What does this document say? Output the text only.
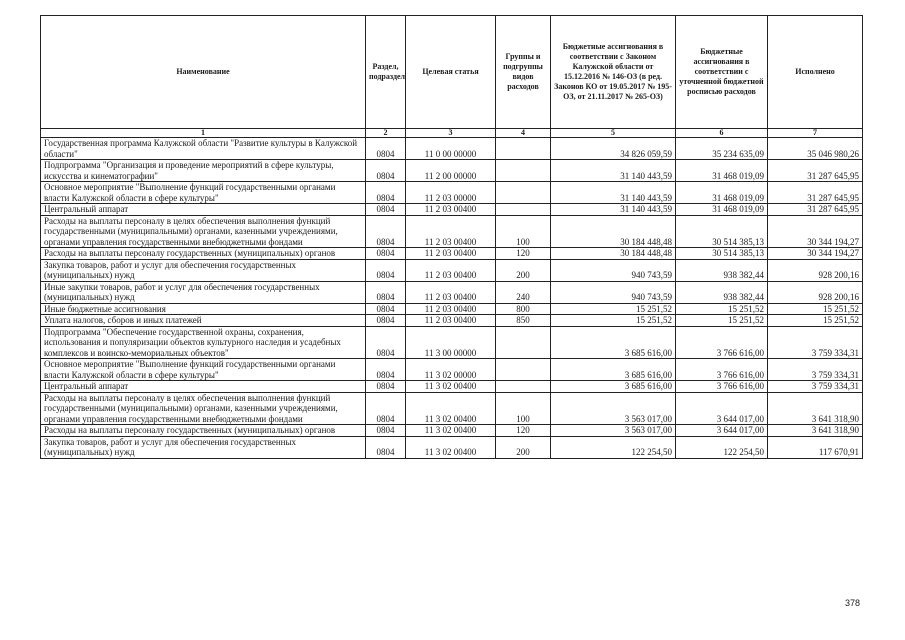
Наименование	Раздел, подраздел	Целевая статья	Группы и подгруппы видов расходов	Бюджетные ассигнования в соответствии с Законом Калужской области от 15.12.2016 № 146-ОЗ (в ред. Законов КО от 19.05.2017 № 195-ОЗ, от 21.11.2017 № 265-ОЗ)	Бюджетные ассигнования в соответствии с уточненной бюджетной росписью расходов	Исполнено
1	2	3	4	5	6	7
Государственная программа Калужской области "Развитие культуры в Калужской области"	0804	11 0 00 00000		34 826 059,59	35 234 635,09	35 046 980,26
Подпрограмма "Организация и проведение мероприятий в сфере культуры, искусства и кинематографии"	0804	11 2 00 00000		31 140 443,59	31 468 019,09	31 287 645,95
Основное мероприятие "Выполнение функций государственными органами власти Калужской области в сфере культуры"	0804	11 2 03 00000		31 140 443,59	31 468 019,09	31 287 645,95
Центральный аппарат	0804	11 2 03 00400		31 140 443,59	31 468 019,09	31 287 645,95
Расходы на выплаты персоналу в целях обеспечения выполнения функций государственными (муниципальными) органами, казенными учреждениями, органами управления государственными внебюджетными фондами	0804	11 2 03 00400	100	30 184 448,48	30 514 385,13	30 344 194,27
Расходы на выплаты персоналу государственных (муниципальных) органов	0804	11 2 03 00400	120	30 184 448,48	30 514 385,13	30 344 194,27
Закупка товаров, работ и услуг для обеспечения государственных (муниципальных) нужд	0804	11 2 03 00400	200	940 743,59	938 382,44	928 200,16
Иные закупки товаров, работ и услуг для обеспечения государственных (муниципальных) нужд	0804	11 2 03 00400	240	940 743,59	938 382,44	928 200,16
Иные бюджетные ассигнования	0804	11 2 03 00400	800	15 251,52	15 251,52	15 251,52
Уплата налогов, сборов и иных платежей	0804	11 2 03 00400	850	15 251,52	15 251,52	15 251,52
Подпрограмма "Обеспечение государственной охраны, сохранения, использования и популяризации объектов культурного наследия и усадебных комплексов и воинско-мемориальных объектов"	0804	11 3 00 00000		3 685 616,00	3 766 616,00	3 759 334,31
Основное мероприятие "Выполнение функций государственными органами власти Калужской области в сфере культуры"	0804	11 3 02 00000		3 685 616,00	3 766 616,00	3 759 334,31
Центральный аппарат	0804	11 3 02 00400		3 685 616,00	3 766 616,00	3 759 334,31
Расходы на выплаты персоналу в целях обеспечения выполнения функций государственными (муниципальными) органами, казенными учреждениями, органами управления государственными внебюджетными фондами	0804	11 3 02 00400	100	3 563 017,00	3 644 017,00	3 641 318,90
Расходы на выплаты персоналу государственных (муниципальных) органов	0804	11 3 02 00400	120	3 563 017,00	3 644 017,00	3 641 318,90
Закупка товаров, работ и услуг для обеспечения государственных (муниципальных) нужд	0804	11 3 02 00400	200	122 254,50	122 254,50	117 670,91
378
